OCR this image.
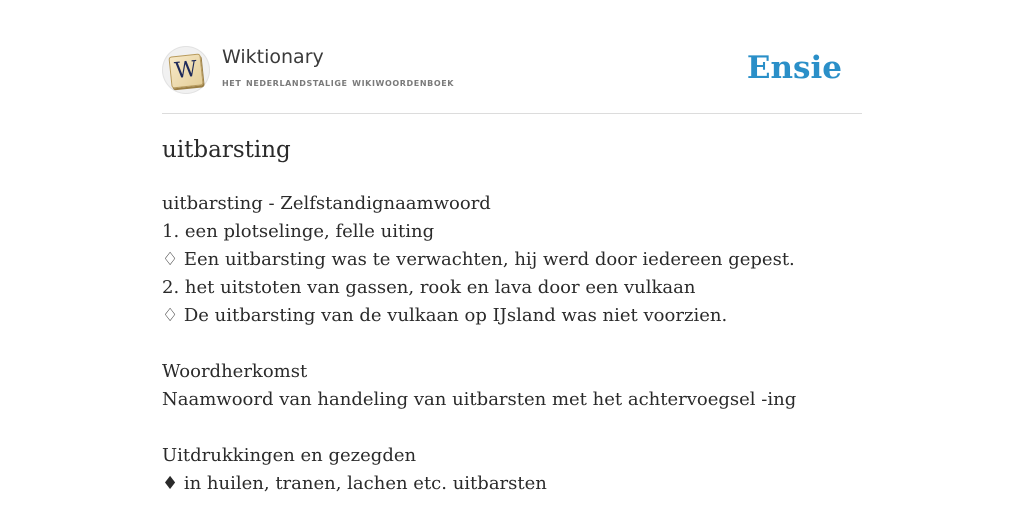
W Wiktionary
het nederlandstalige wikiwoordenboek	Ensie
uitbarsting
uitbarsting - Zelfstandignaamwoord
1. een plotselinge, felle uiting
♢ Een uitbarsting was te verwachten, hij werd door iedereen gepest.
2. het uitstoten van gassen, rook en lava door een vulkaan
♢ De uitbarsting van de vulkaan op IJsland was niet voorzien.
Woordherkomst
Naamwoord van handeling van uitbarsten met het achtervoegsel -ing
Uitdrukkingen en gezegden
♦ in huilen, tranen, lachen etc. uitbarsten
